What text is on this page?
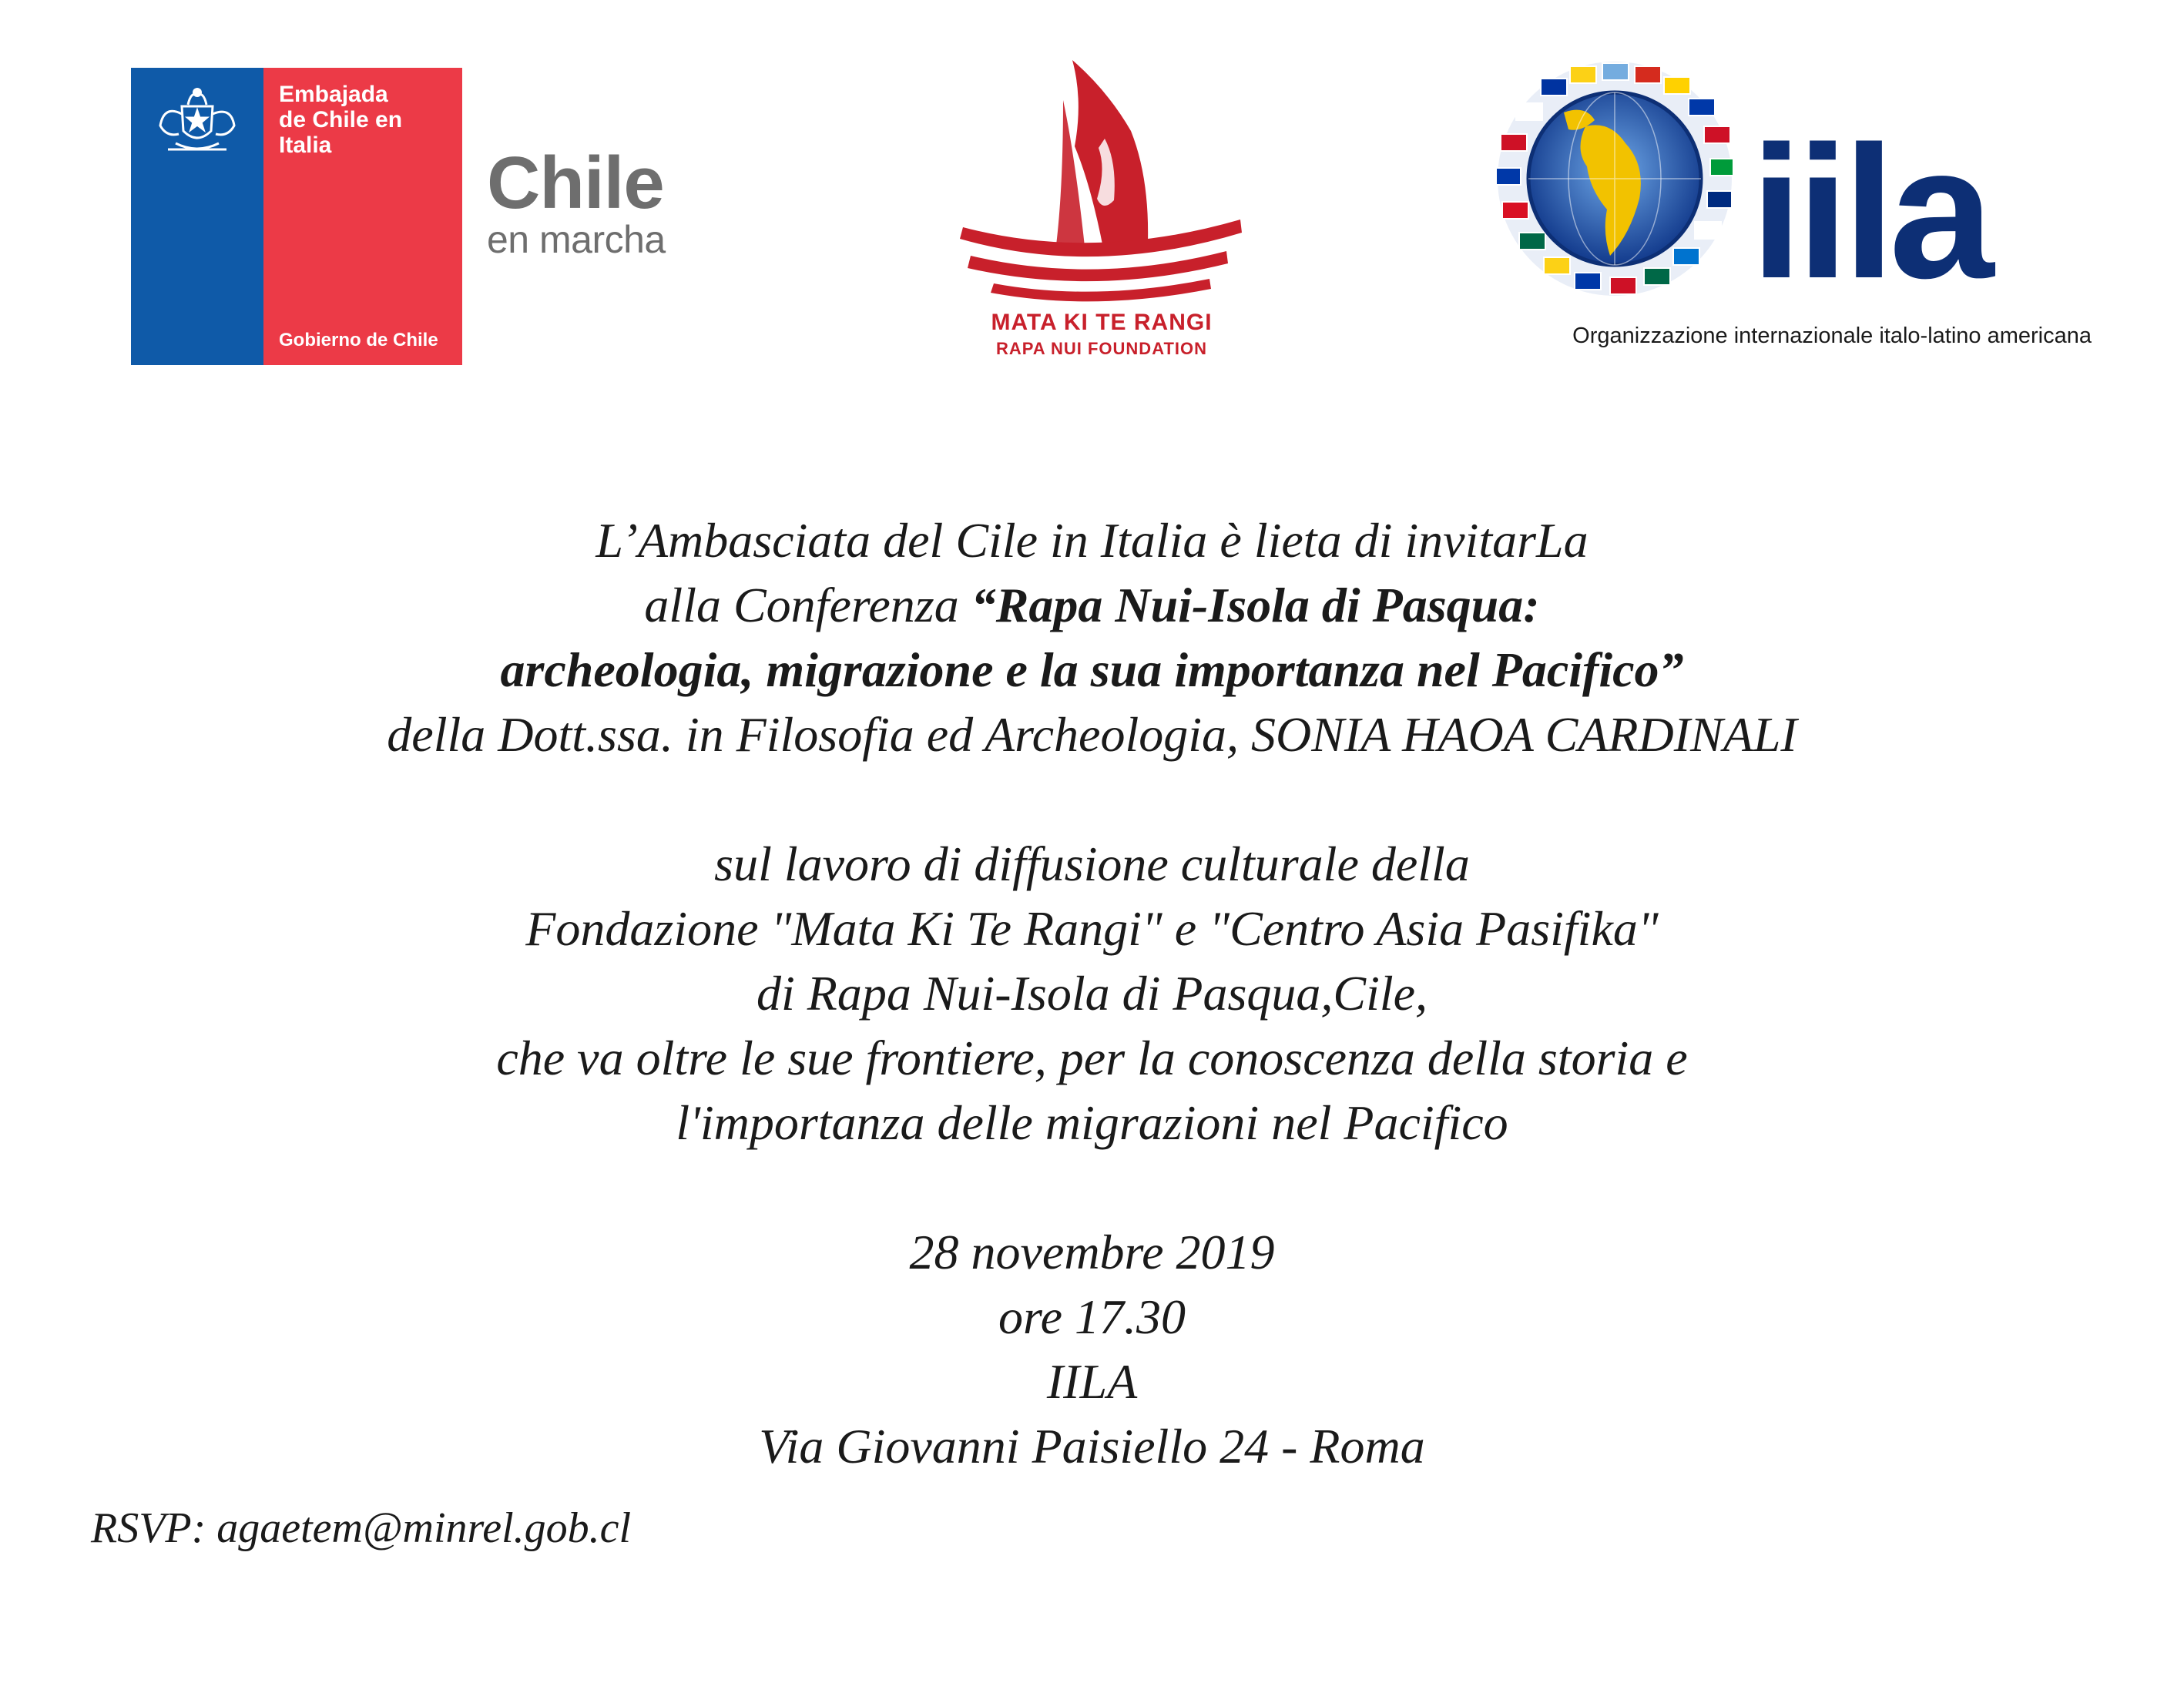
Embajada
de Chile en
Italia
Gobierno de Chile
Chile
en marcha
MATA KI TE RANGI
RAPA NUI FOUNDATION
iila
Organizzazione internazionale italo-latino americana
L’Ambasciata del Cile in Italia è lieta di invitarLa
alla Conferenza “Rapa Nui-Isola di Pasqua:
archeologia, migrazione e la sua importanza nel Pacifico”
della Dott.ssa. in Filosofia ed Archeologia, SONIA HAOA CARDINALI
sul lavoro di diffusione culturale della
Fondazione "Mata Ki Te Rangi" e "Centro Asia Pasifika"
di Rapa Nui-Isola di Pasqua,Cile,
che va oltre le sue frontiere, per la conoscenza della storia e
l'importanza delle migrazioni nel Pacifico
28 novembre 2019
ore 17.30
IILA
Via Giovanni Paisiello 24 - Roma
RSVP: agaetem@minrel.gob.cl
